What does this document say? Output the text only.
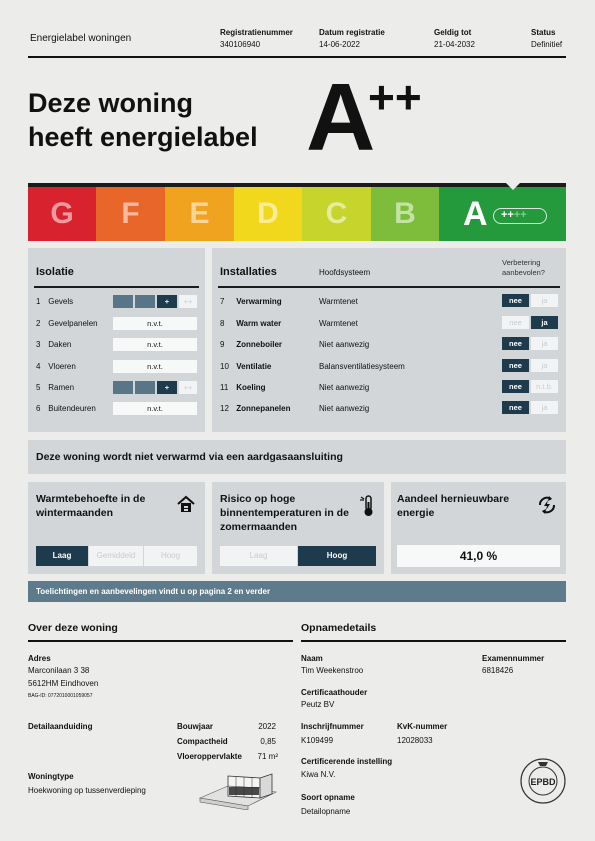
Energielabel woningen
Registratienummer
340106940
Datum registratie
14-06-2022
Geldig tot
21-04-2032
Status
Definitief
Deze woning
heeft energielabel A
++
G	F	E	D	C	B	A	++++
Isolatie
1 Gevels	+	++
2 Gevelpanelen	n.v.t.
3 Daken	n.v.t.
4 Vloeren	n.v.t.
5 Ramen	+	++
6 Buitendeuren	n.v.t.
Installaties	Hoofdsysteem
Verbetering aanbevolen?
7 Verwarming	Warmtenet	nee	ja
8 Warm water	Warmtenet	nee	ja
9 Zonneboiler	Niet aanwezig	nee	ja
10 Ventilatie	Balansventilatiesysteem	nee	ja
11 Koeling	Niet aanwezig	nee	n.t.b.
12 Zonnepanelen	Niet aanwezig	nee	ja
Deze woning wordt niet verwarmd via een aardgasaansluiting
Warmtebehoefte in de wintermaanden
Laag	Gemiddeld	Hoog
Risico op hoge binnentemperaturen in de zomermaanden
Laag	Hoog
Aandeel hernieuwbare energie
41,0 %
Toelichtingen en aanbevelingen vindt u op pagina 2 en verder
Over deze woning
Adres
Marconilaan 3 38
5612HM Eindhoven
BAG-ID: 0772010001059057
Detailaanduiding	Bouwjaar	2022
Compactheid	0,85
Vloeroppervlakte	71 m²
Woningtype
Hoekwoning op tussenverdieping
Opnamedetails
Naam
Tim Weekenstroo
Examennummer
6818426
Certificaathouder
Peutz BV
Inschrijfnummer
K109499
KvK-nummer
12028033
Certificerende instelling
Kiwa N.V.
Soort opname
Detailopname
EPBD
